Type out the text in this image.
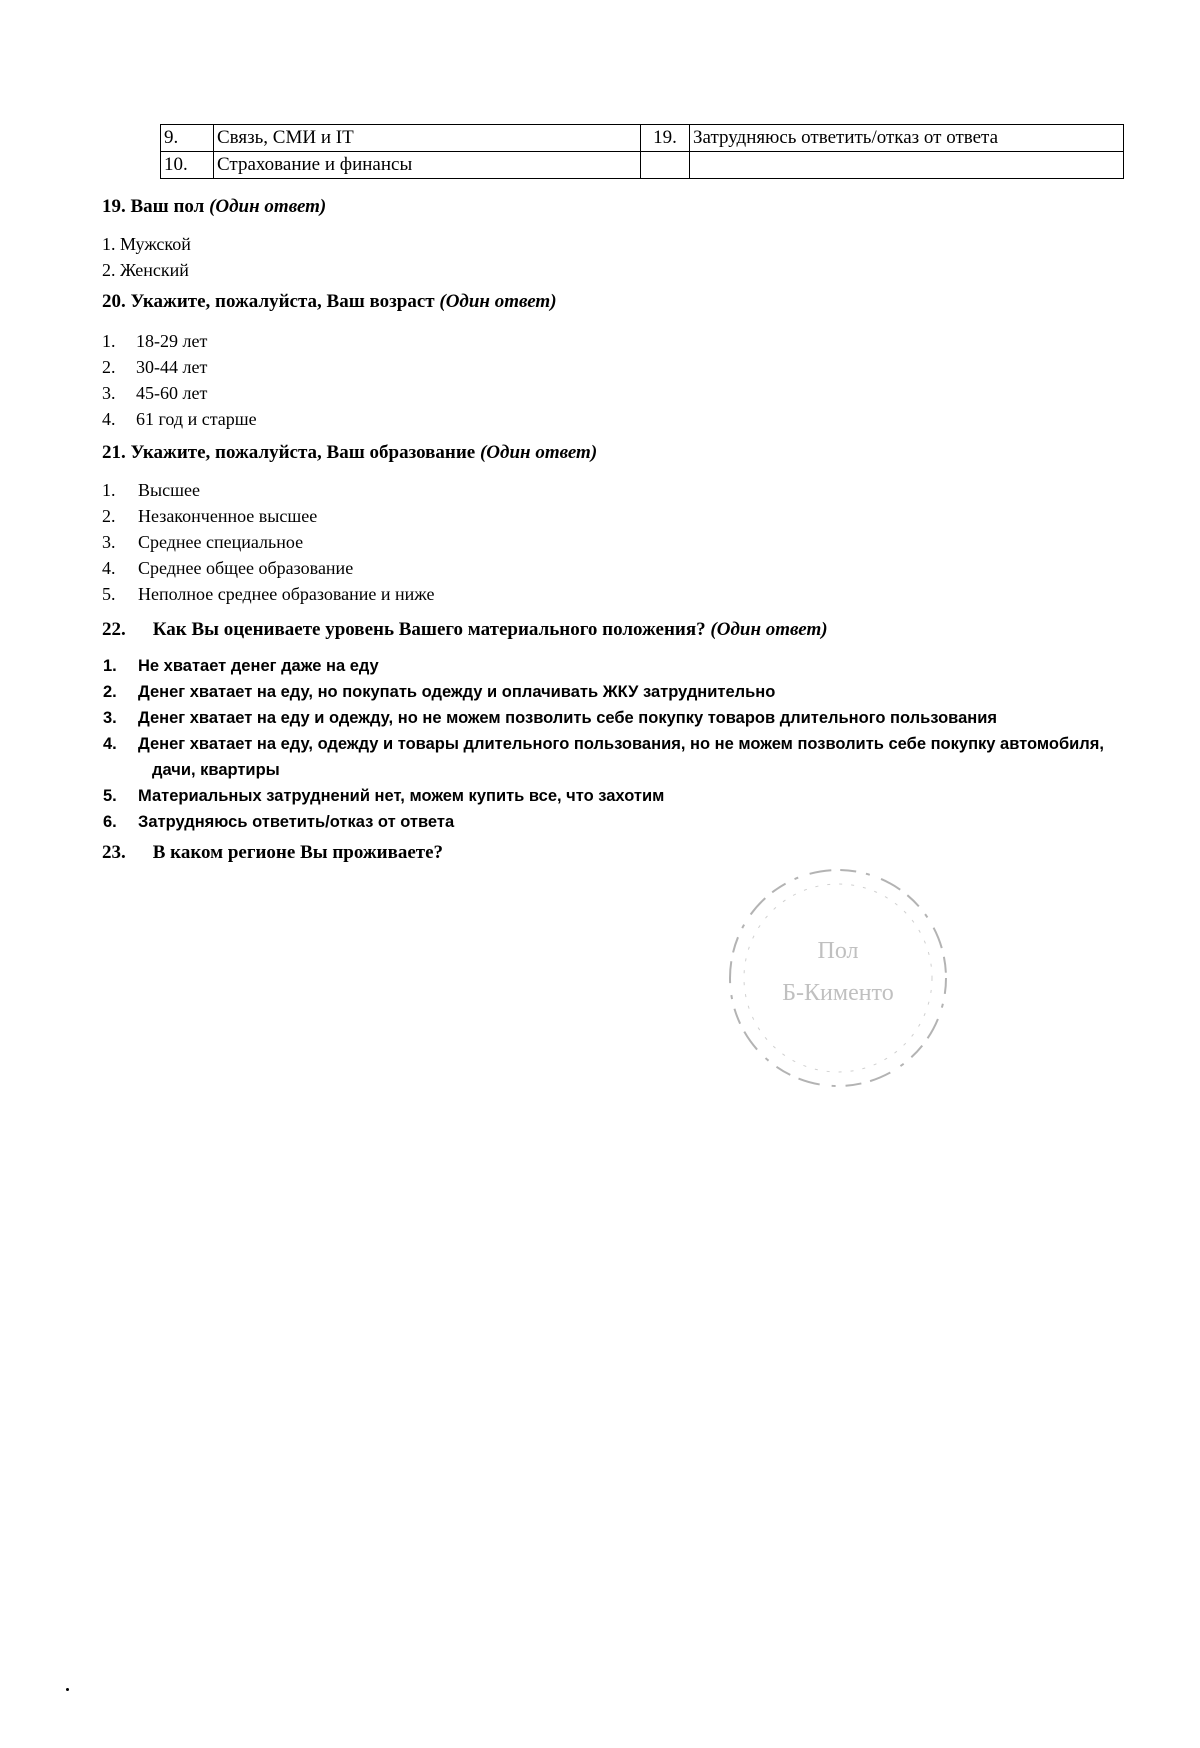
9.	Связь, СМИ и IT	19.	Затрудняюсь ответить/отказ от ответа
10.	Страхование и финансы		
19. Ваш пол (Один ответ)
1. Мужской
2. Женский
20. Укажите, пожалуйста, Ваш возраст (Один ответ)
1.	18-29 лет
2.	30-44 лет
3.	45-60 лет
4.	61 год и старше
21. Укажите, пожалуйста, Ваш образование (Один ответ)
1.	Высшее
2.	Незаконченное высшее
3.	Среднее специальное
4.	Среднее общее образование
5.	Неполное среднее образование и ниже
22. Как Вы оцениваете уровень Вашего материального положения? (Один ответ)
1.	Не хватает денег даже на еду
2.	Денег хватает на еду, но покупать одежду и оплачивать ЖКУ затруднительно
3.	Денег хватает на еду и одежду, но не можем позволить себе покупку товаров длительного пользования
4.	Денег хватает на еду, одежду и товары длительного пользования, но не можем позволить себе покупку автомобиля,
дачи, квартиры
5.	Материальных затруднений нет, можем купить все, что захотим
6.	Затрудняюсь ответить/отказ от ответа
23. В каком регионе Вы проживаете?
Пол
Б-Кименто
